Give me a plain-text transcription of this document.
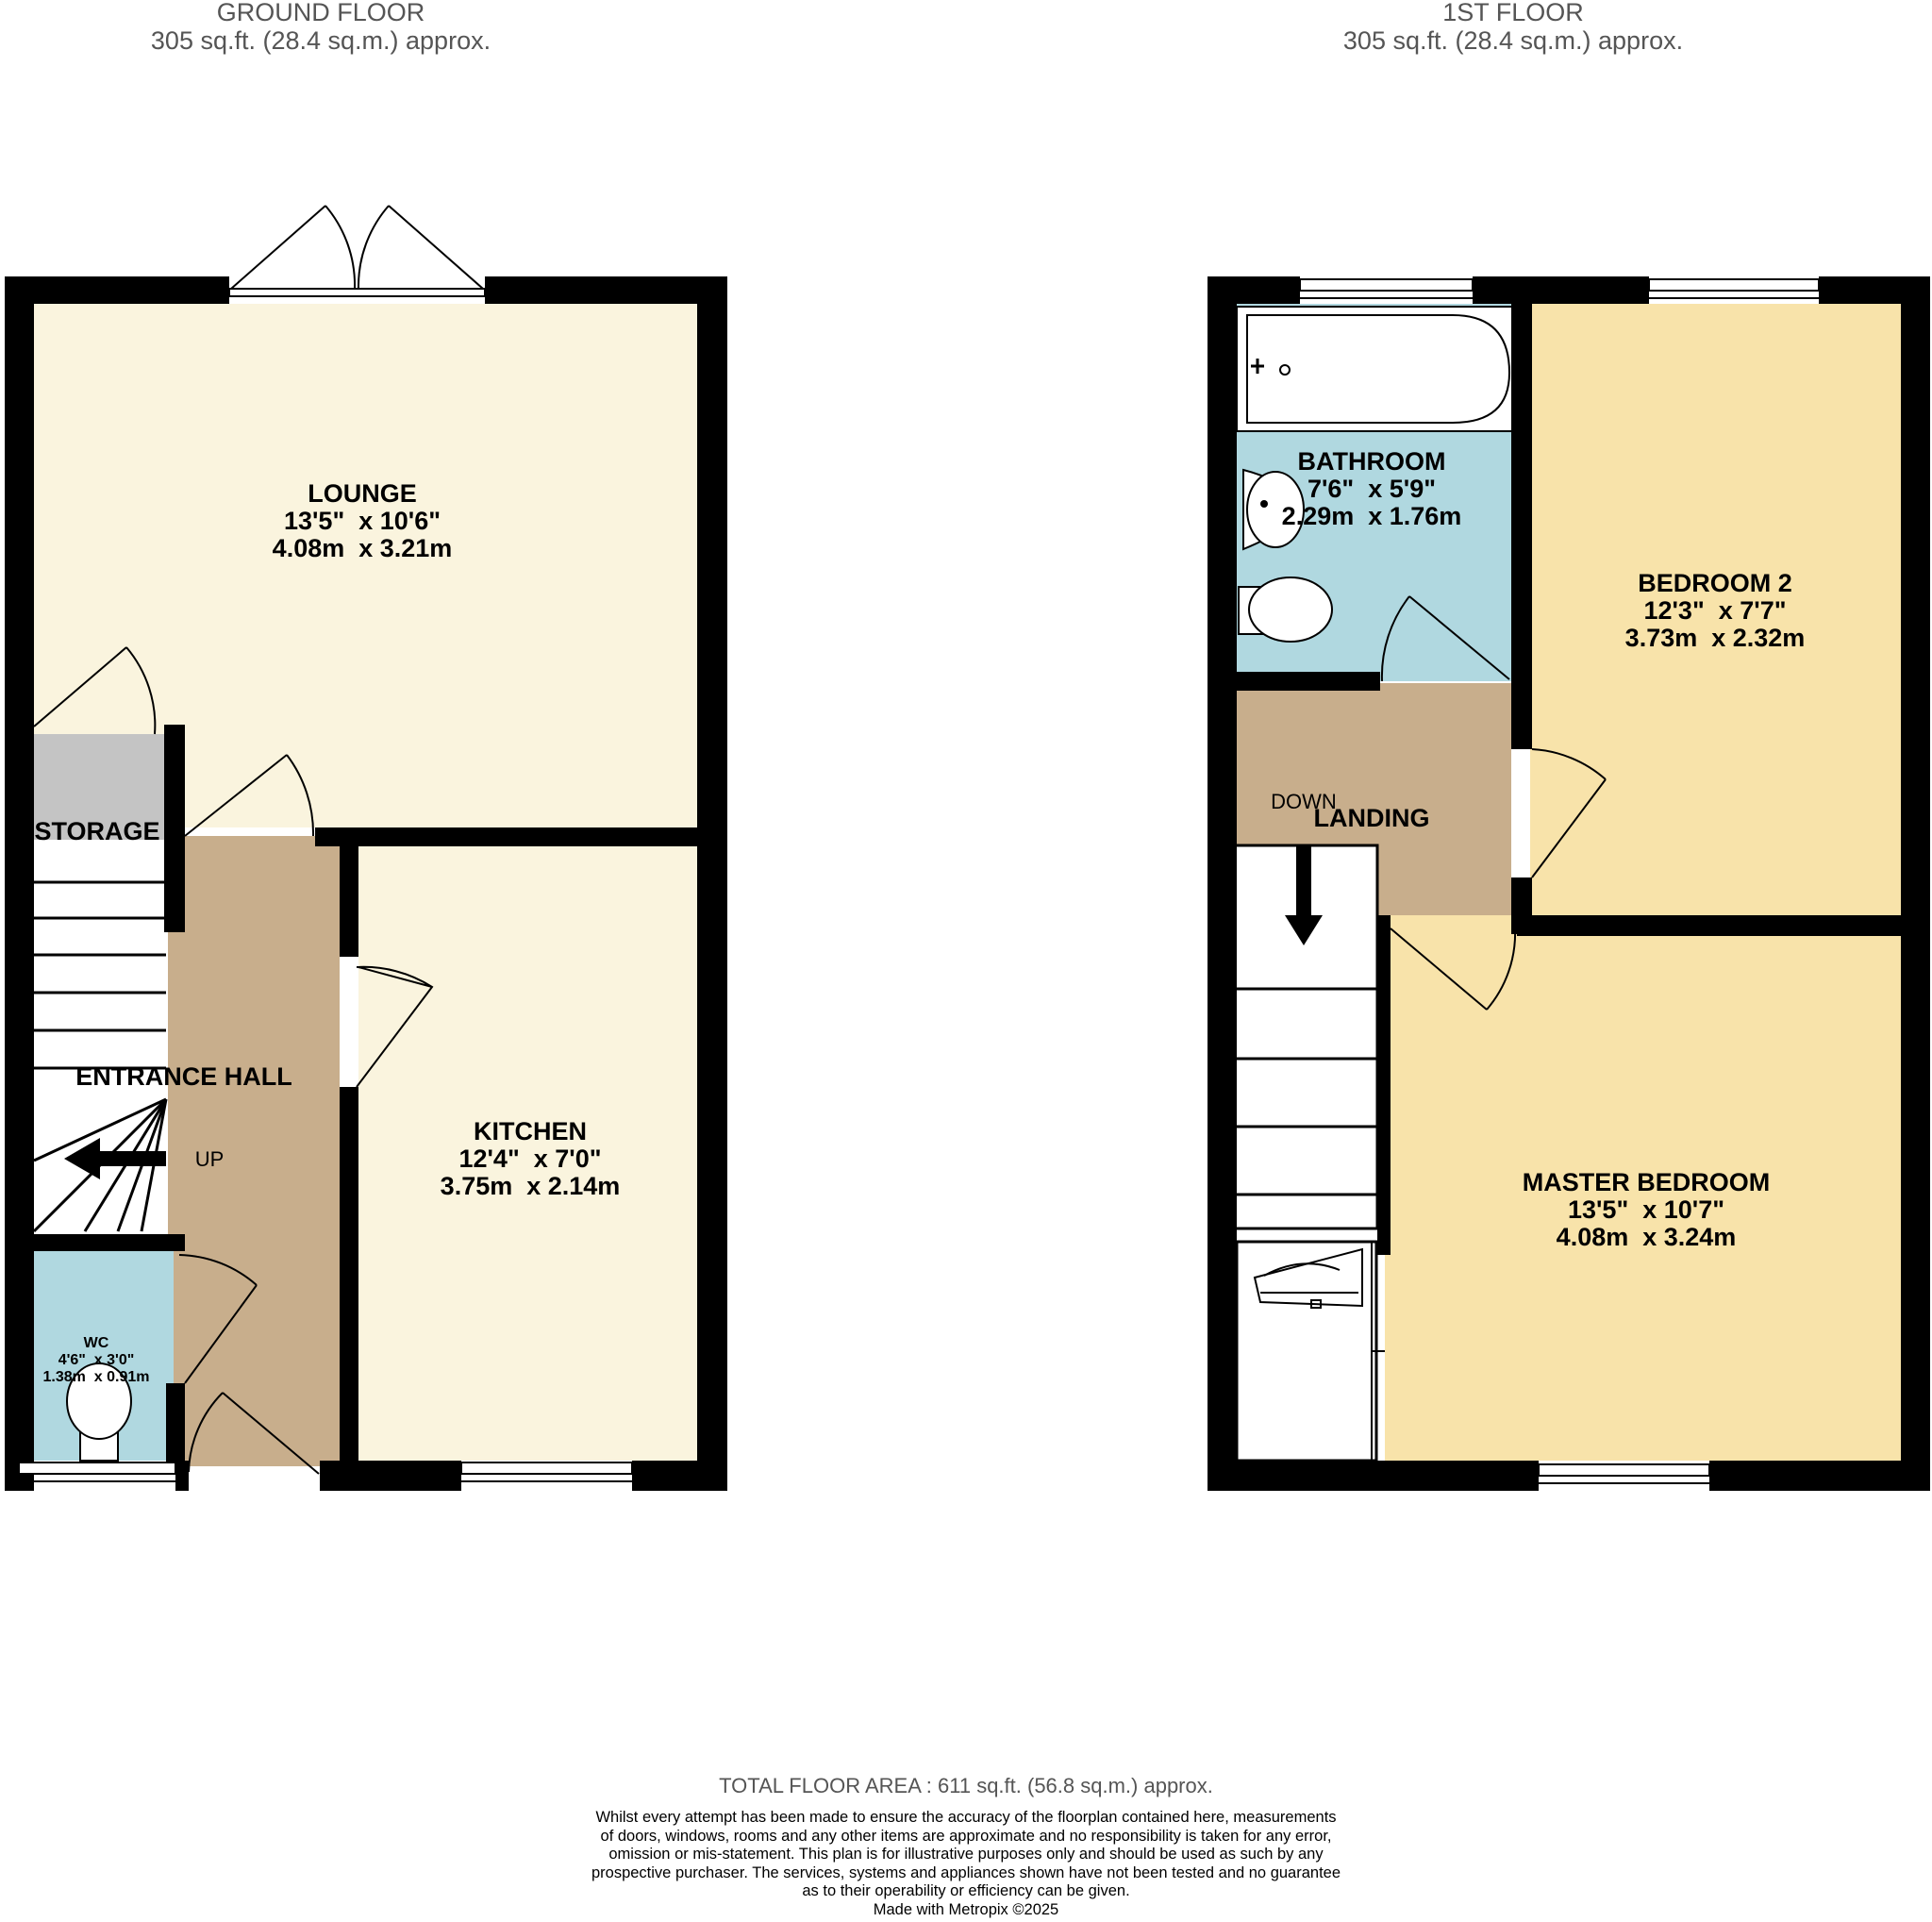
GROUND FLOOR
305 sq.ft. (28.4 sq.m.) approx.
1ST FLOOR
305 sq.ft. (28.4 sq.m.) approx.
LOUNGE
13'5"  x 10'6"
4.08m  x 3.21m
KITCHEN
12'4"  x 7'0"
3.75m  x 2.14m
ENTRANCE HALL
STORAGE
UP
WC
4'6"  x 3'0"
1.38m  x 0.91m
BATHROOM
7'6"  x 5'9"
2.29m  x 1.76m
BEDROOM 2
12'3"  x 7'7"
3.73m  x 2.32m
LANDING
DOWN
MASTER BEDROOM
13'5"  x 10'7"
4.08m  x 3.24m
TOTAL FLOOR AREA : 611 sq.ft. (56.8 sq.m.) approx.
Whilst every attempt has been made to ensure the accuracy of the floorplan contained here, measurements
of doors, windows, rooms and any other items are approximate and no responsibility is taken for any error,
omission or mis-statement. This plan is for illustrative purposes only and should be used as such by any
prospective purchaser. The services, systems and appliances shown have not been tested and no guarantee
as to their operability or efficiency can be given.
Made with Metropix ©2025
